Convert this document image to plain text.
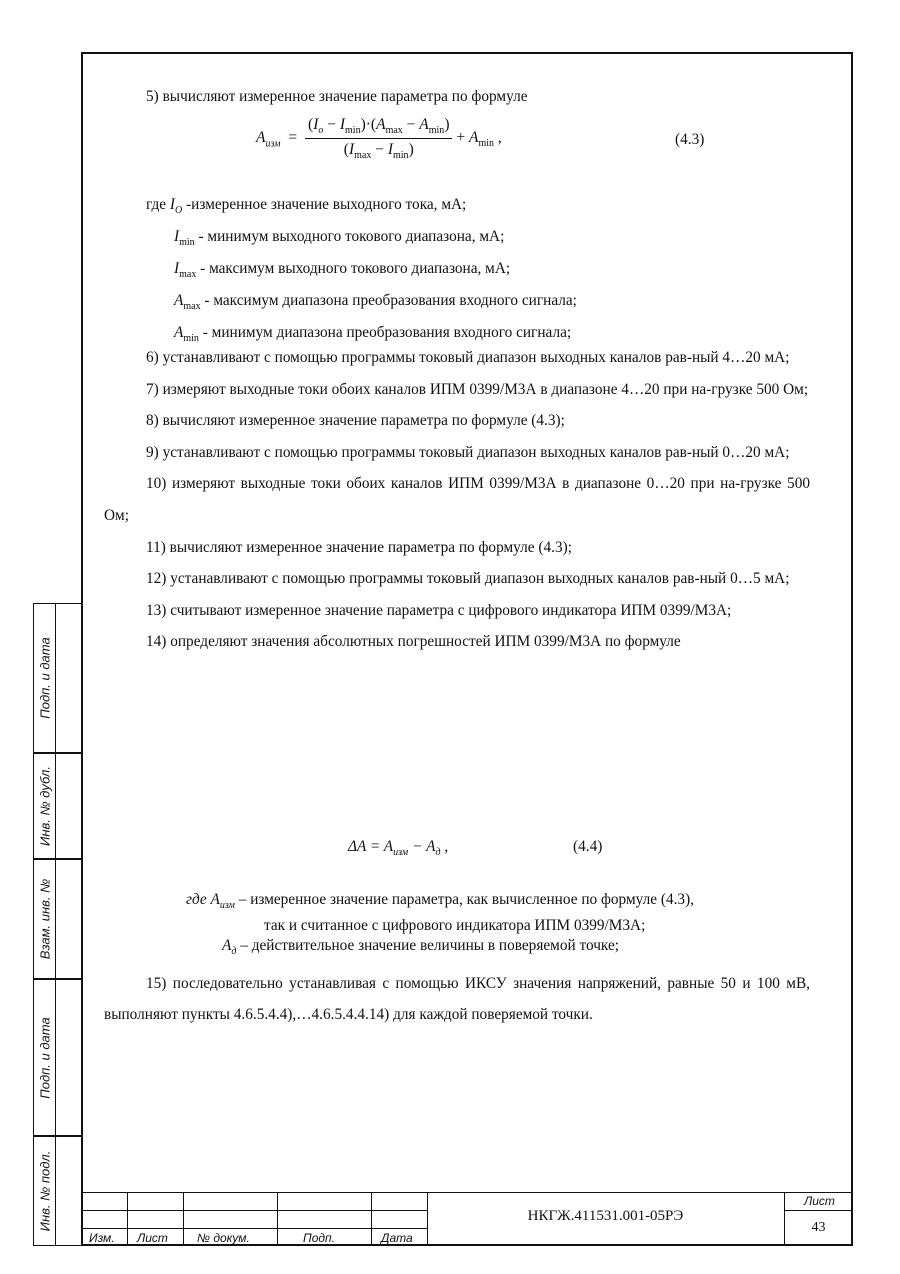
Подп. и дата
Инв. № дубл.
Взам. инв. №
Подп. и дата
Инв. № подл.

5) вычисляют измеренное значение параметра по формуле

$A_{изм} = \frac{(I_o - I_{min})\cdot(A_{max} - A_{min})}{(I_{max} - I_{min})} + A_{min}$ ,	(4.3)
где $I_O$ -измеренное значение выходного тока, мА;
$I_{min}$ - минимум выходного токового диапазона, мА;
$I_{max}$ - максимум выходного токового диапазона, мА;
$A_{max}$ - максимум диапазона преобразования входного сигнала;
$A_{min}$ - минимум диапазона преобразования входного сигнала;

6) устанавливают с помощью программы токовый диапазон выходных каналов рав-ный 4…20 мА;

7) измеряют выходные токи обоих каналов ИПМ 0399/М3А в диапазоне 4…20 при на-грузке 500 Ом;

8) вычисляют измеренное значение параметра по формуле (4.3);

9) устанавливают с помощью программы токовый диапазон выходных каналов рав-ный 0…20 мА;

10) измеряют выходные токи обоих каналов ИПМ 0399/М3А в диапазоне 0…20 при на-грузке 500 Ом;

11) вычисляют измеренное значение параметра по формуле (4.3);

12) устанавливают с помощью программы токовый диапазон выходных каналов рав-ный 0…5 мА;

13) считывают измеренное значение параметра с цифрового индикатора ИПМ 0399/М3А;

14) определяют значения абсолютных погрешностей ИПМ 0399/М3А по формуле

$\Delta A = A_{изм} - A_д$ ,	(4.4)
где $A_{изм}$ – измеренное значение параметра, как вычисленное по формуле (4.3),
так и считанное с цифрового индикатора ИПМ 0399/М3А;
$A_д$ – действительное значение величины в поверяемой точке;

15) последовательно устанавливая с помощью ИКСУ значения напряжений, равные 50 и 100 мВ, выполняют пункты 4.6.5.4.4),…4.6.5.4.4.14) для каждой поверяемой точки.

Изм. Лист № докум.	Подп.	Дата
НКГЖ.411531.001-05РЭ
Лист
43
